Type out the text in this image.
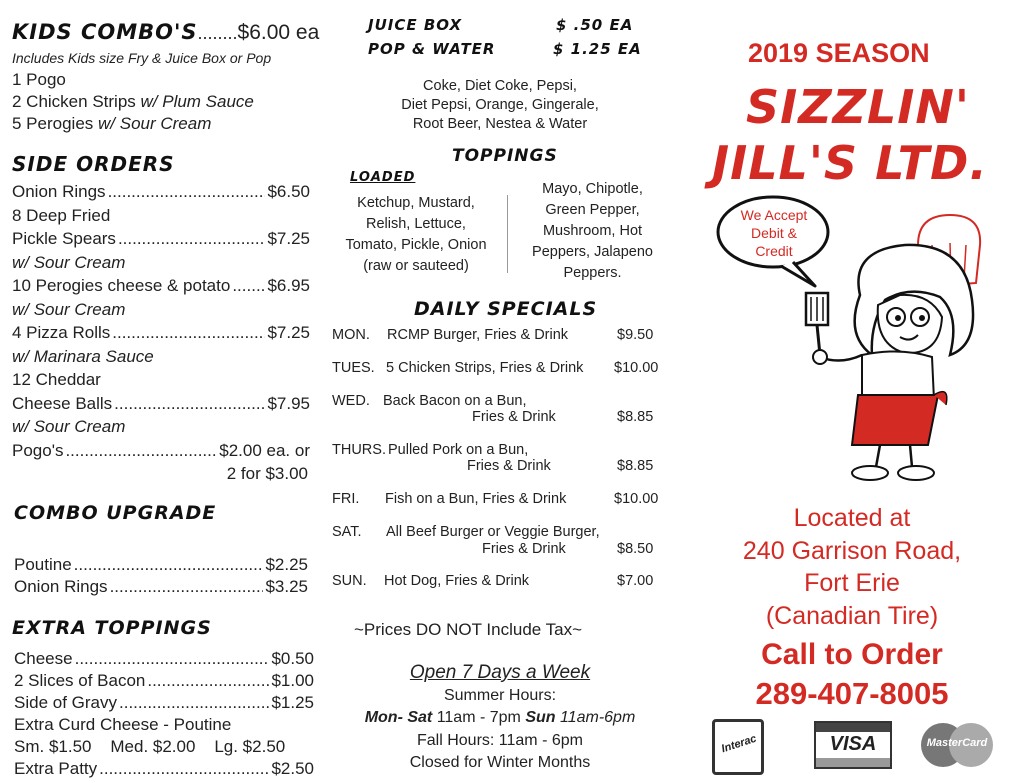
KIDS COMBO'S........$6.00 ea
Includes Kids size Fry & Juice Box or Pop
1 Pogo
2 Chicken Strips w/ Plum Sauce
5 Perogies w/ Sour Cream
SIDE ORDERS
Onion Rings .....	$6.50
8 Deep Fried
Pickle Spears .....	$7.25
w/ Sour Cream
10 Perogies cheese & potato ..... $6.95
w/ Sour Cream
4 Pizza Rolls .....	$7.25
w/ Marinara Sauce
12 Cheddar
Cheese Balls .....	$7.95
w/ Sour Cream
Pogo's .....	$2.00 ea. or
2 for $3.00
COMBO UPGRADE
Poutine .....	$2.25
Onion Rings .....	$3.25
EXTRA TOPPINGS
Cheese .....	$0.50
2 Slices of Bacon .....	$1.00
Side of Gravy .....	$1.25
Extra Curd Cheese - Poutine
Sm. $1.50    Med. $2.00    Lg. $2.50
Extra Patty .....	$2.50
JUICE BOX	$ .50 EA
POP & WATER	$ 1.25 EA
Coke, Diet Coke, Pepsi,
Diet Pepsi, Orange, Gingerale,
Root Beer, Nestea & Water
TOPPINGS
LOADED
Ketchup, Mustard,
Relish, Lettuce,
Tomato, Pickle, Onion
(raw or sauteed)
Mayo, Chipotle,
Green Pepper,
Mushroom, Hot
Peppers, Jalapeno
Peppers.
DAILY SPECIALS
MON. RCMP Burger, Fries & Drink	$9.50
TUES. 5 Chicken Strips, Fries & Drink $10.00
WED. Back Bacon on a Bun,
Fries & Drink	$8.85
THURS. Pulled Pork on a Bun,
Fries & Drink	$8.85
FRI. Fish on a Bun, Fries & Drink	$10.00
SAT. All Beef Burger or Veggie Burger,
Fries & Drink	$8.50
SUN. Hot Dog, Fries & Drink	$7.00
~Prices DO NOT Include Tax~
Open 7 Days a Week
Summer Hours:
Mon- Sat 11am - 7pm Sun 11am-6pm
Fall Hours: 11am - 6pm
Closed for Winter Months
2019 SEASON
SIZZLIN'
JILL'S LTD.
We Accept
Debit &
Credit
Located at
240 Garrison Road,
Fort Erie
(Canadian Tire)
Call to Order
289-407-8005
Interac	VISA	MasterCard
